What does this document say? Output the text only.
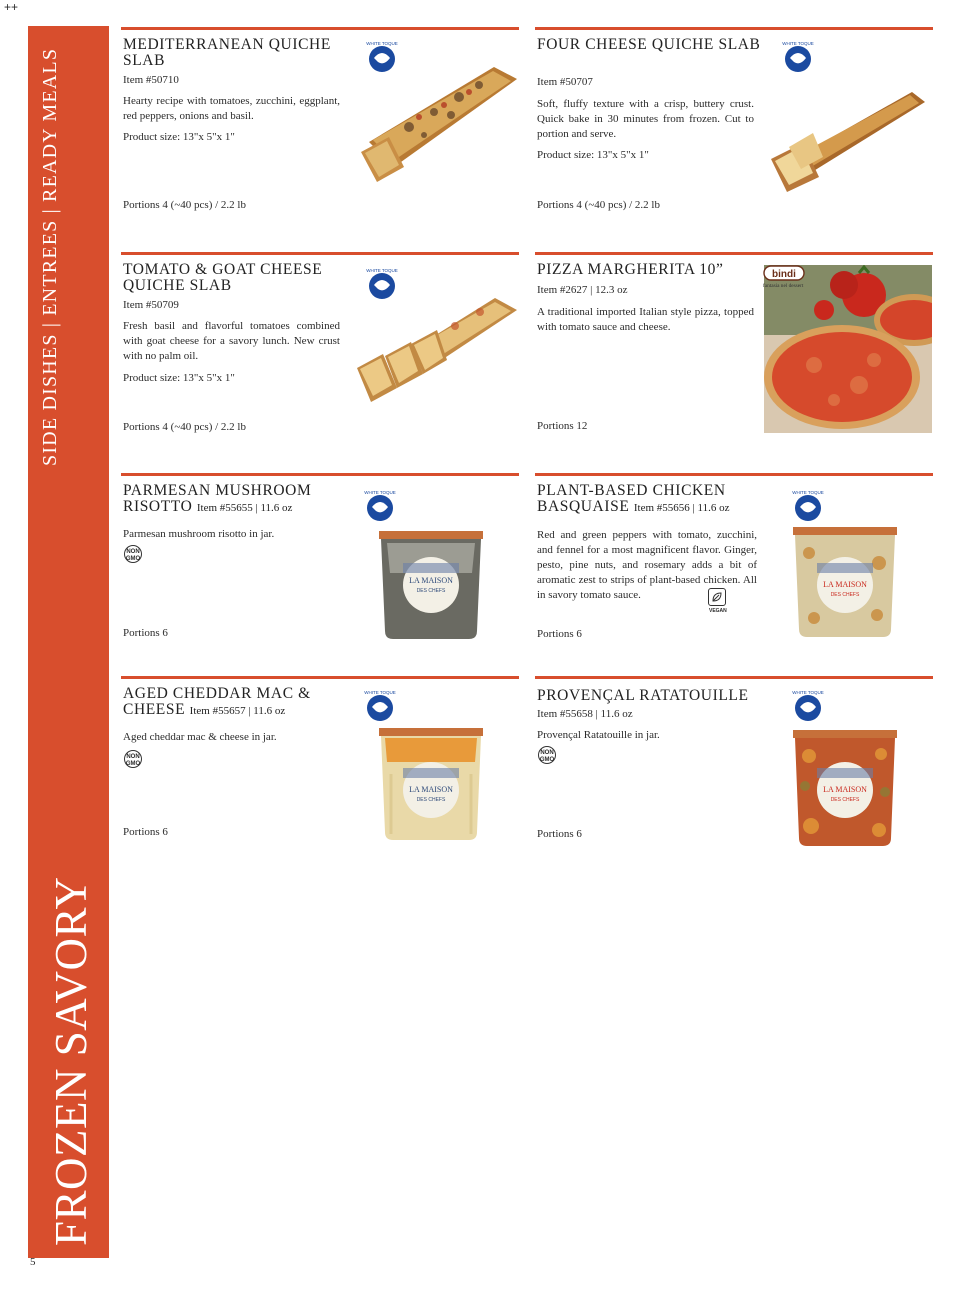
++
SIDE DISHES | ENTREES | READY MEALS
FROZEN SAVORY
5
MEDITERRANEAN QUICHE SLAB
Item #50710
Hearty recipe with tomatoes, zucchini, eggplant, red peppers, onions and basil.
Product size: 13"x 5"x 1"
Portions 4 (~40 pcs) / 2.2 lb
WHITE TOQUE	FOUR CHEESE QUICHE SLAB
Item #50707
Soft, fluffy texture with a crisp, buttery crust. Quick bake in 30 minutes from frozen. Cut to portion and serve.
Product size: 13"x 5"x 1"
Portions 4 (~40 pcs) / 2.2 lb
WHITE TOQUE
TOMATO & GOAT CHEESE QUICHE SLAB
Item #50709
Fresh basil and flavorful tomatoes combined with goat cheese for a savory lunch. New crust with no palm oil.
Product size: 13"x 5"x 1"
Portions 4 (~40 pcs) / 2.2 lb
WHITE TOQUE	PIZZA MARGHERITA 10”
Item #2627 | 12.3 oz
A traditional imported Italian style pizza, topped with tomato sauce and cheese.
Portions 12
bindi
fantasia nel dessert
PARMESAN MUSHROOM RISOTTO Item #55655 | 11.6 oz
Parmesan mushroom risotto in jar.
NON GMO
Portions 6
WHITE TOQUE
LA MAISON
DES CHEFS
PLANT-BASED CHICKEN BASQUAISE Item #55656 | 11.6 oz
Red and green peppers with tomato, zucchini, and fennel for a most magnificent flavor. Ginger, pesto, pine nuts, and rosemary adds a bit of aromatic zest to strips of plant-based chicken. All in savory tomato sauce.
VEGAN
Portions 6
WHITE TOQUE
LA MAISON
DES CHEFS
AGED CHEDDAR MAC & CHEESE Item #55657 | 11.6 oz
Aged cheddar mac & cheese in jar.
NON GMO
Portions 6
WHITE TOQUE
LA MAISON
DES CHEFS
PROVENÇAL RATATOUILLE
Item #55658 | 11.6 oz
Provençal Ratatouille in jar.
NON GMO
Portions 6
WHITE TOQUE
LA MAISON
DES CHEFS
